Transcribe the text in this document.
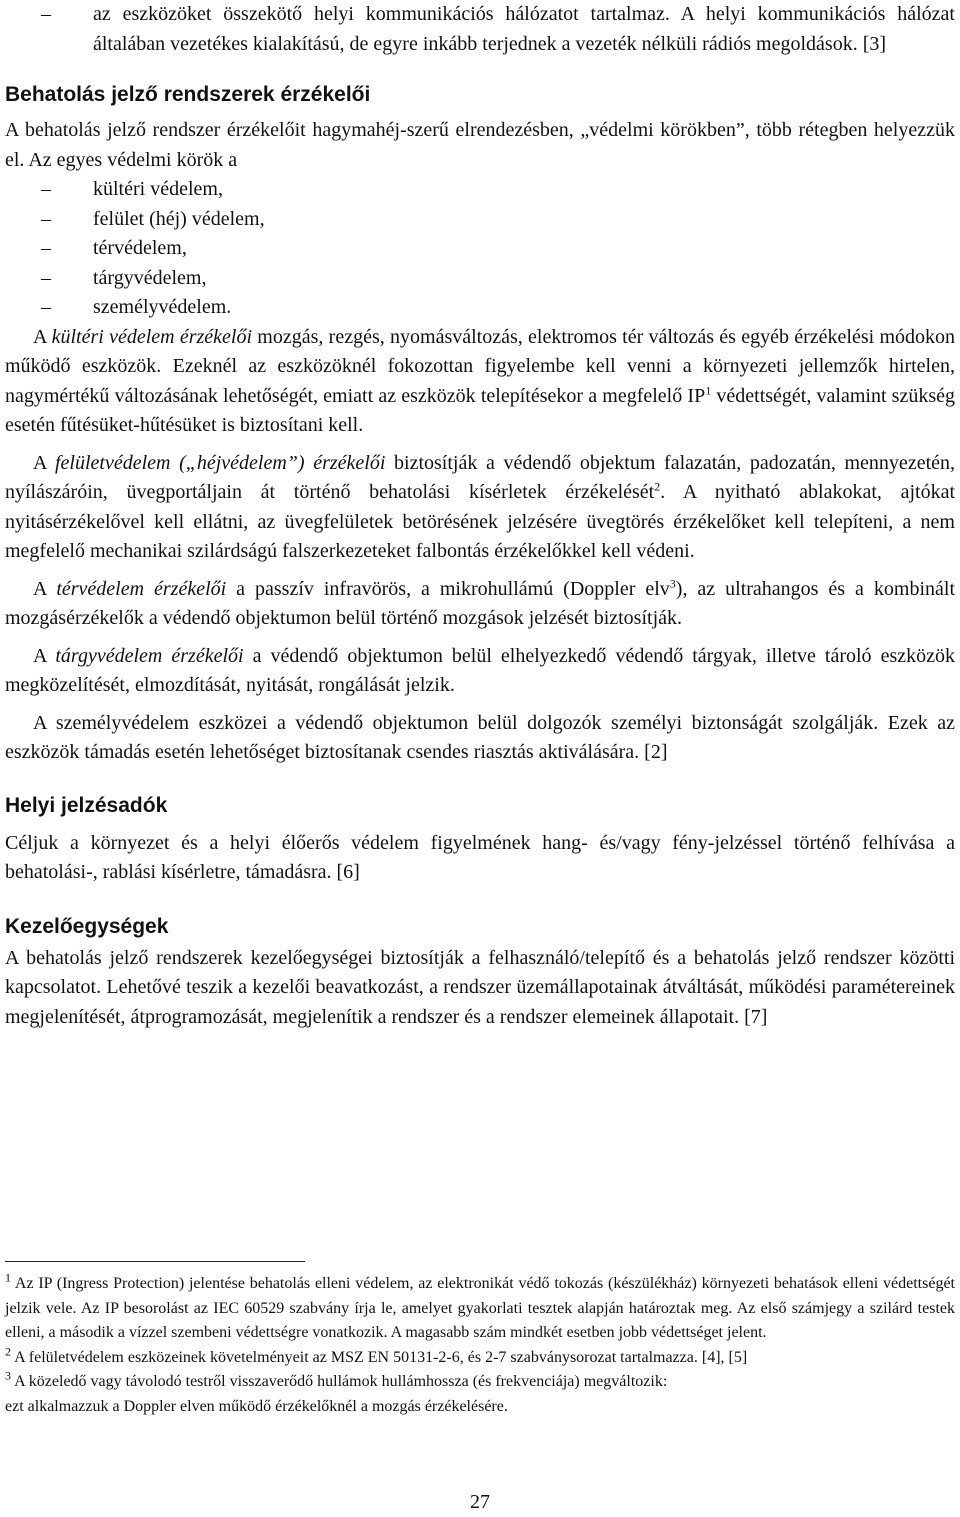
– az eszközöket összekötő helyi kommunikációs hálózatot tartalmaz. A helyi kommunikációs hálózat általában vezetékes kialakítású, de egyre inkább terjednek a vezeték nélküli rádiós megoldások. [3]
Behatolás jelző rendszerek érzékelői

A behatolás jelző rendszer érzékelőit hagymahéj-szerű elrendezésben, „védelmi körökben”, több rétegben helyezzük el. Az egyes védelmi körök a

– kültéri védelem,
– felület (héj) védelem,
– térvédelem,
– tárgyvédelem,
– személyvédelem.

A kültéri védelem érzékelői mozgás, rezgés, nyomásváltozás, elektromos tér változás és egyéb érzékelési módokon működő eszközök. Ezeknél az eszközöknél fokozottan figyelembe kell venni a környezeti jellemzők hirtelen, nagymértékű változásának lehetőségét, emiatt az eszközök telepítésekor a megfelelő $IP^1$ védettségét, valamint szükség esetén fűtésüket-hűtésüket is biztosítani kell.

A felületvédelem („héjvédelem”) érzékelői biztosítják a védendő objektum falazatán, padozatán, mennyezetén, nyílászáróin, üvegportáljain át történő behatolási kísérletek érzékelését$^2$. A nyitható ablakokat, ajtókat nyitásérzékelővel kell ellátni, az üvegfelületek betörésének jelzésére üvegtörés érzékelőket kell telepíteni, a nem megfelelő mechanikai szilárdságú falszerkezeteket falbontás érzékelőkkel kell védeni.

A térvédelem érzékelői a passzív infravörös, a mikrohullámú (Doppler elv$^3$), az ultrahangos és a kombinált mozgásérzékelők a védendő objektumon belül történő mozgások jelzését biztosítják.

A tárgyvédelem érzékelői a védendő objektumon belül elhelyezkedő védendő tárgyak, illetve tároló eszközök megközelítését, elmozdítását, nyitását, rongálását jelzik.

A személyvédelem eszközei a védendő objektumon belül dolgozók személyi biztonságát szolgálják. Ezek az eszközök támadás esetén lehetőséget biztosítanak csendes riasztás aktiválására. [2]

Helyi jelzésadók

Céljuk a környezet és a helyi élőerős védelem figyelmének hang- és/vagy fény-jelzéssel történő felhívása a behatolási-, rablási kísérletre, támadásra. [6]

Kezelőegységek

A behatolás jelző rendszerek kezelőegységei biztosítják a felhasználó/telepítő és a behatolás jelző rendszer közötti kapcsolatot. Lehetővé teszik a kezelői beavatkozást, a rendszer üzemállapotainak átváltását, működési paramétereinek megjelenítését, átprogramozását, megjelenítik a rendszer és a rendszer elemeinek állapotait. [7]

$^1$ Az IP (Ingress Protection) jelentése behatolás elleni védelem, az elektronikát védő tokozás (készülékház) környezeti behatások elleni védettségét jelzik vele. Az IP besorolást az IEC 60529 szabvány írja le, amelyet gyakorlati tesztek alapján határoztak meg. Az első számjegy a szilárd testek elleni, a második a vízzel szembeni védettségre vonatkozik. A magasabb szám mindkét esetben jobb védettséget jelent.

$^2$ A felületvédelem eszközeinek követelményeit az MSZ EN 50131-2-6, és 2-7 szabványsorozat tartalmazza. [4], [5]

$^3$ A közeledő vagy távolodó testről visszaverődő hullámok hullámhossza (és frekvenciája) megváltozik:
ezt alkalmazzuk a Doppler elven működő érzékelőknél a mozgás érzékelésére.

27
